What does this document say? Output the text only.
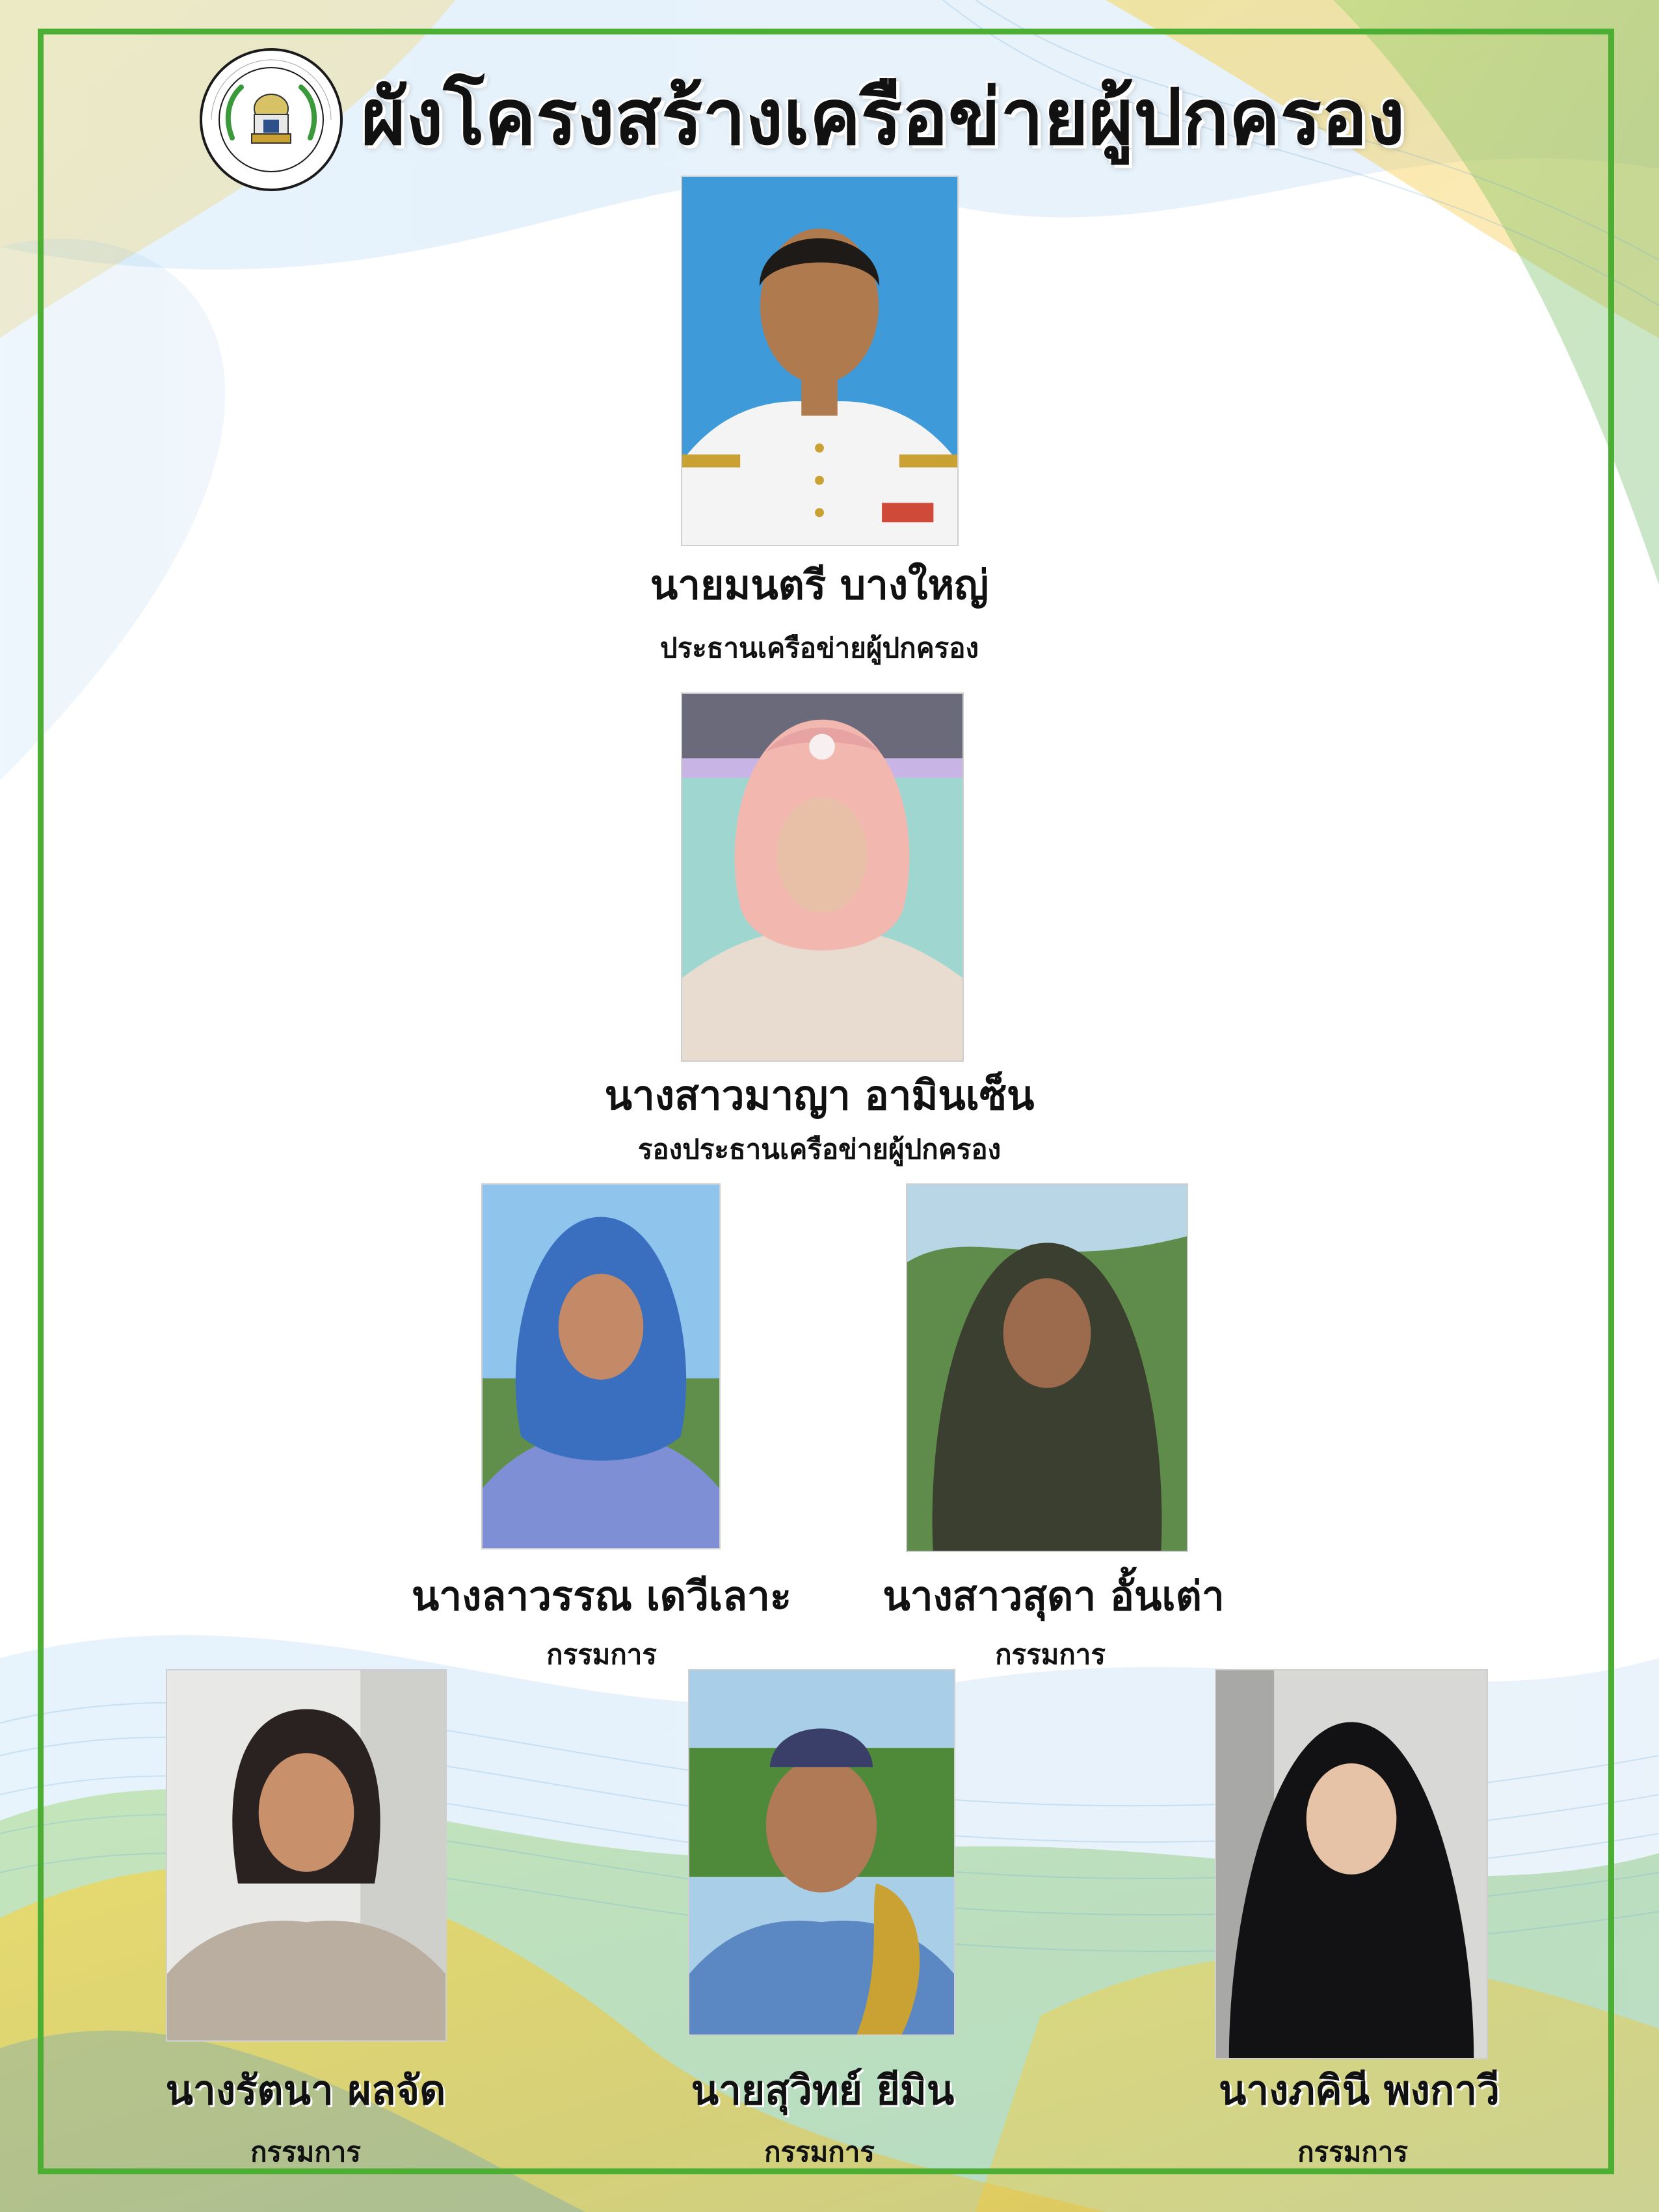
ผังโครงสร้างเครือข่ายผู้ปกครอง
นายมนตรี บางใหญ่
ประธานเครือข่ายผู้ปกครอง
นางสาวมาญา อามินเซ็น
รองประธานเครือข่ายผู้ปกครอง
นางลาวรรณ เดวีเลาะ
กรรมการ
นางสาวสุดา อั้นเต่า
กรรมการ
นางรัตนา ผลจัด
กรรมการ
นายสุวิทย์ ยีมิน
กรรมการ
นางภคินี พงกาวี
กรรมการ
